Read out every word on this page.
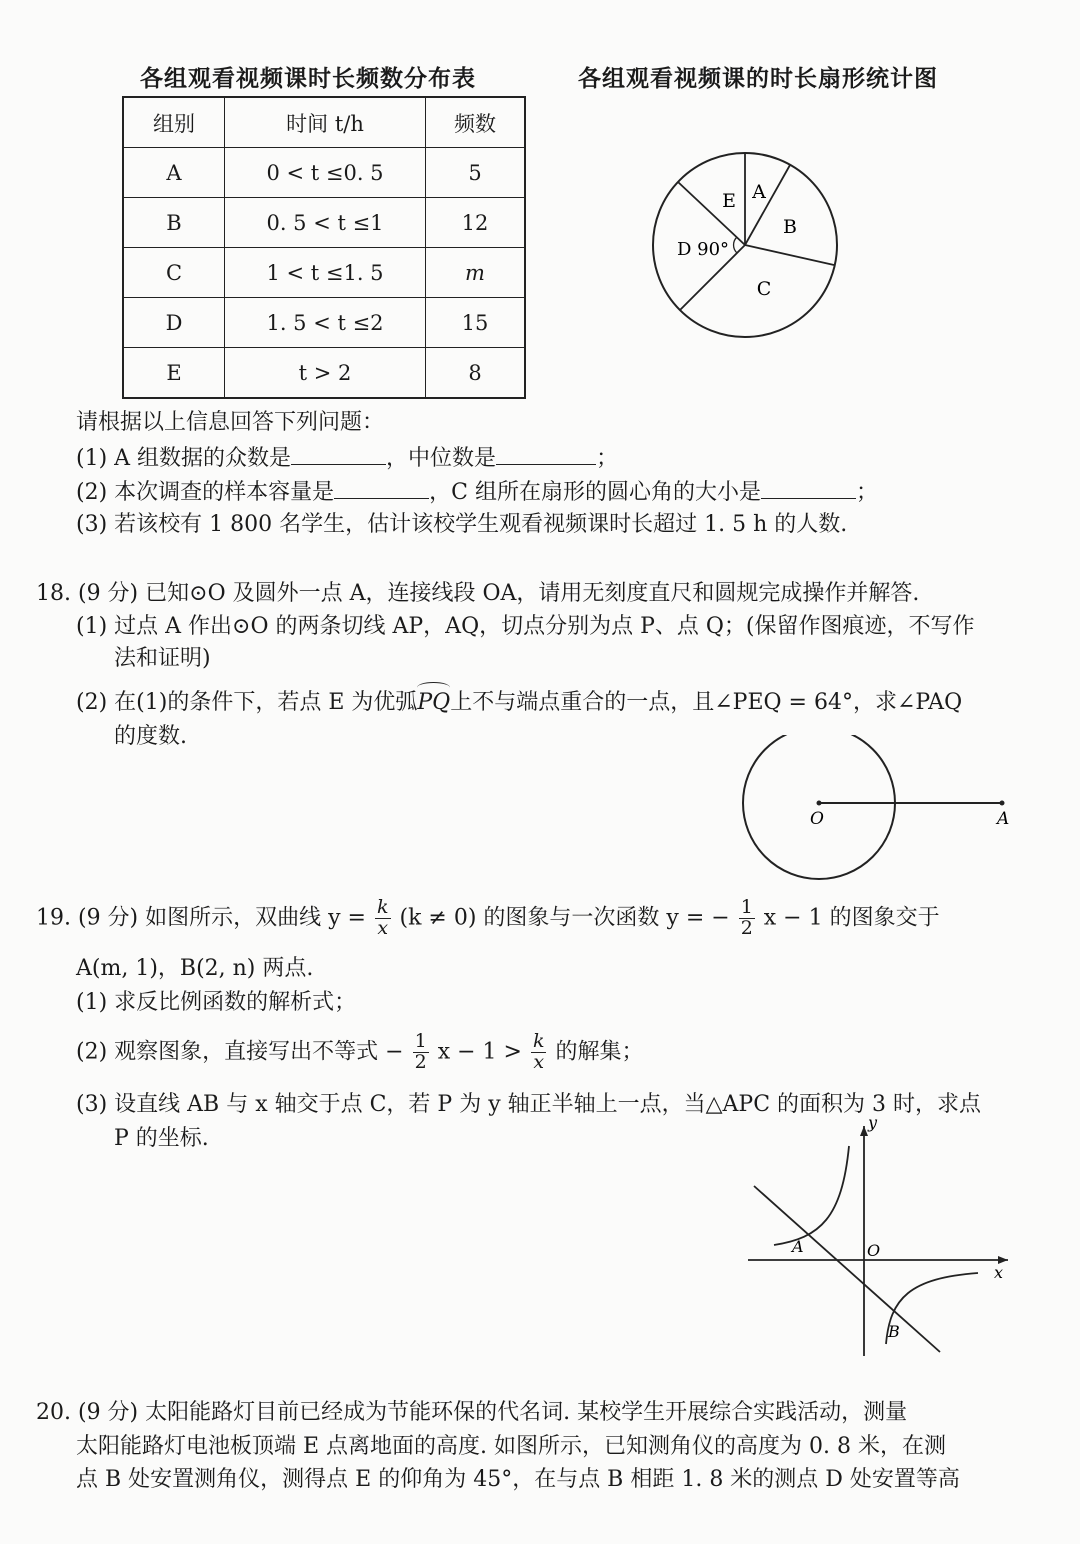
各组观看视频课时长频数分布表
组别	时间 t/h	频数
A	0 < t ≤0. 5	5
B	0. 5 < t ≤1	12
C	1 < t ≤1. 5	m
D	1. 5 < t ≤2	15
E	t > 2	8
各组观看视频课的时长扇形统计图
A
B
C
D 90°
E
请根据以上信息回答下列问题：
(1) A 组数据的众数是	，中位数是	；
(2) 本次调查的样本容量是	，C 组所在扇形的圆心角的大小是	；
(3) 若该校有 1 800 名学生，估计该校学生观看视频课时长超过 1. 5 h 的人数.
18. (9 分) 已知⊙O 及圆外一点 A，连接线段 OA，请用无刻度直尺和圆规完成操作并解答.
(1) 过点 A 作出⊙O 的两条切线 AP，AQ，切点分别为点 P、点 Q；(保留作图痕迹，不写作
法和证明)
(2) 在(1)的条件下，若点 E 为优弧
PQ上不与端点重合的一点，且∠PEQ = 64°，求∠PAQ
的度数.
O	A
19. (9 分) 如图所示，双曲线 $y = \frac{k}{x} (k \ne 0)$ 的图象与一次函数 y = − $\frac{1}{2}$ x − 1 的图象交于
A(m, 1)，B(2, n) 两点.
(1) 求反比例函数的解析式；
(2) 观察图象，直接写出不等式 − $\frac{1}{2}$ $x - 1 > \frac{k}{x}$ 的解集；
(3) 设直线 AB 与 x 轴交于点 C，若 P 为 y 轴正半轴上一点，当△APC 的面积为 3 时，求点
P 的坐标.
y
x
A	O
B
20. (9 分) 太阳能路灯目前已经成为节能环保的代名词. 某校学生开展综合实践活动，测量
太阳能路灯电池板顶端 E 点离地面的高度. 如图所示，已知测角仪的高度为 0. 8 米，在测
点 B 处安置测角仪，测得点 E 的仰角为 45°，在与点 B 相距 1. 8 米的测点 D 处安置等高
